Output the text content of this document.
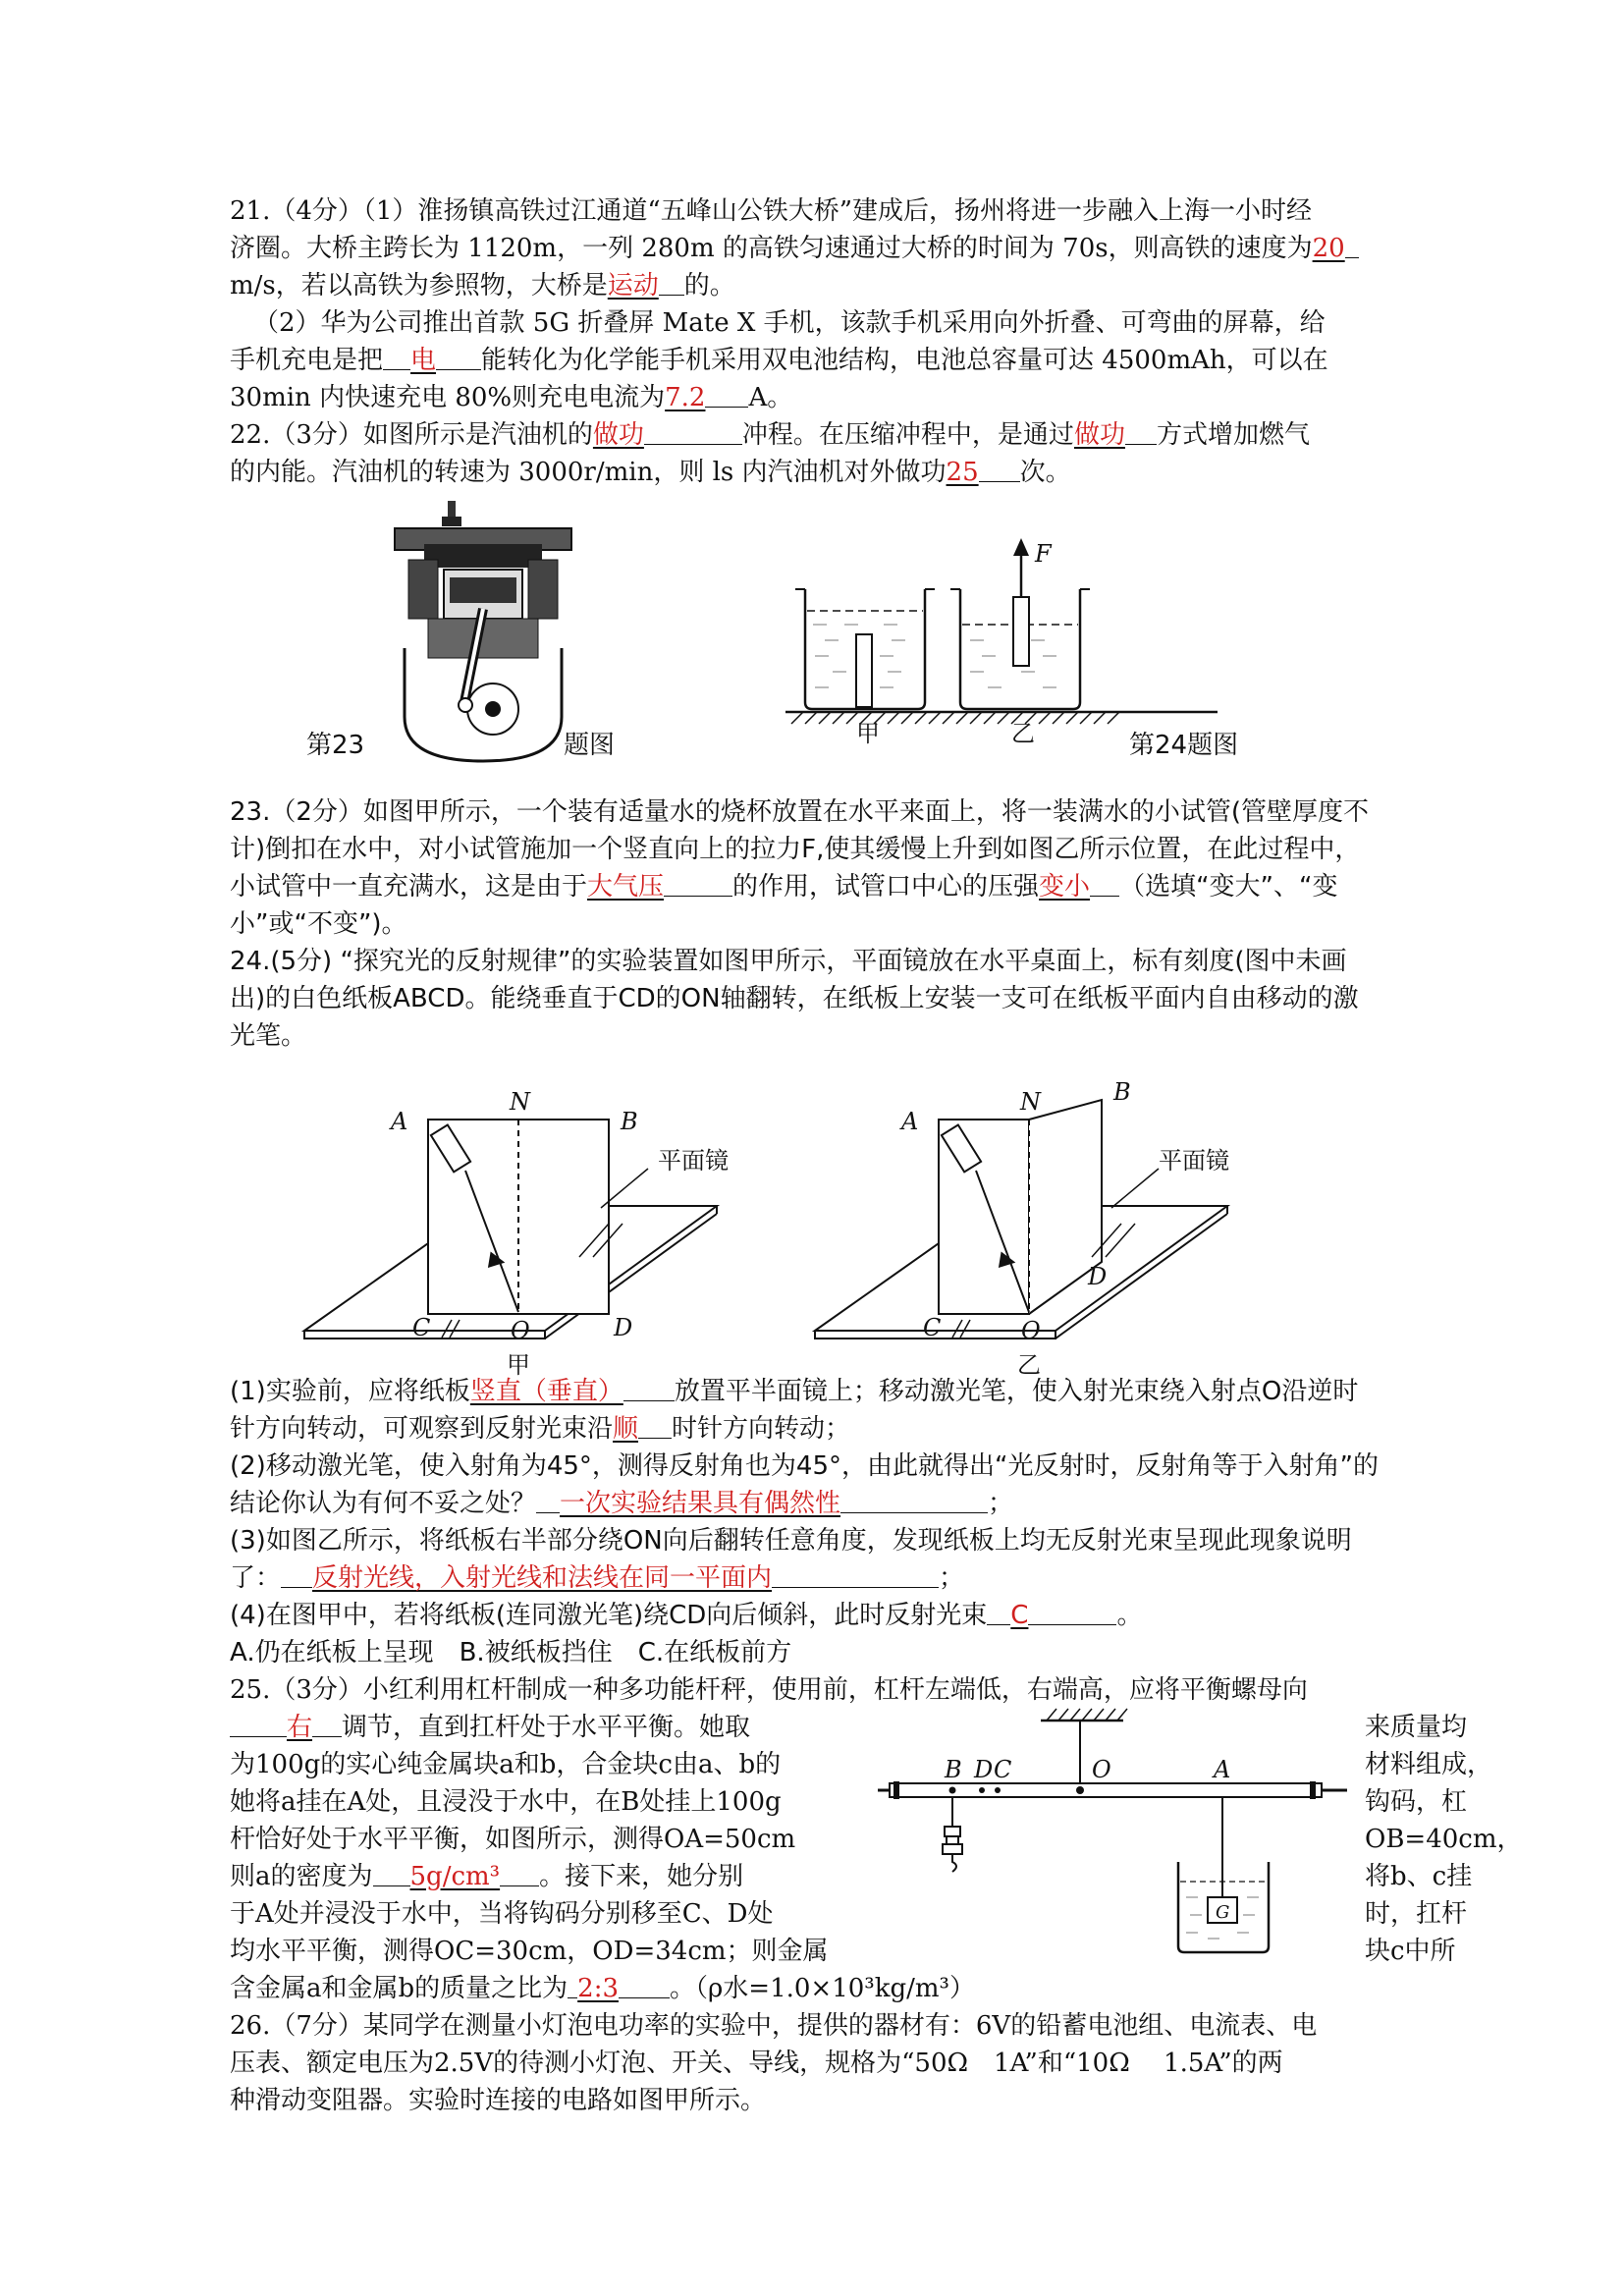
21.（4分）（1）淮扬镇高铁过江通道“五峰山公铁大桥”建成后，扬州将进一步融入上海一小时经
济圈。大桥主跨长为 1120m，一列 280m 的高铁匀速通过大桥的时间为 70s，则高铁的速度为20
m/s，若以高铁为参照物，大桥是运动 的。
（2）华为公司推出首款 5G 折叠屏 Mate X 手机，该款手机采用向外折叠、可弯曲的屏幕，给
手机充电是把 电 能转化为化学能手机采用双电池结构，电池总容量可达 4500mAh，可以在
30min 内快速充电 80%则充电电流为7.2 A。
22.（3分）如图所示是汽油机的做功	冲程。在压缩冲程中，是通过做功 方式增加燃气
的内能。汽油机的转速为 3000r/min，则 ls 内汽油机对外做功25 次。
第23	题图
F
甲	乙	第24题图
23.（2分）如图甲所示，一个装有适量水的烧杯放置在水平来面上，将一装满水的小试管(管壁厚度不
计)倒扣在水中，对小试管施加一个竖直向上的拉力F,使其缓慢上升到如图乙所示位置，在此过程中，
小试管中一直充满水，这是由于大气压	的作用，试管口中心的压强变小 （选填“变大”、“变
小”或“不变”)。
24.(5分) “探究光的反射规律”的实验装置如图甲所示，平面镜放在水平桌面上，标有刻度(图中未画
出)的白色纸板ABCD。能绕垂直于CD的ON轴翻转，在纸板上安装一支可在纸板平面内自由移动的激
光笔。
A
N
B
C	O	D
平面镜
甲
A
N	B
C	O
D
平面镜
乙
(1)实验前，应将纸板竖直（垂直） 放置平半面镜上；移动激光笔，使入射光束绕入射点O沿逆时
针方向转动，可观察到反射光束沿顺 时针方向转动；
(2)移动激光笔，使入射角为45°，测得反射角也为45°，由此就得出“光反射时，反射角等于入射角”的
结论你认为有何不妥之处？ 一次实验结果具有偶然性	；
(3)如图乙所示，将纸板右半部分绕ON向后翻转任意角度，发现纸板上均无反射光束呈现此现象说明
了： 反射光线，入射光线和法线在同一平面内	；
(4)在图甲中，若将纸板(连同激光笔)绕CD向后倾斜，此时反射光束 C	。
A.仍在纸板上呈现　B.被纸板挡住　C.在纸板前方
25.（3分）小红利用杠杆制成一种多功能杆秤，使用前，杠杆左端低，右端高，应将平衡螺母向
右 调节，直到扛杆处于水平平衡。她取	来质量均
为100g的实心纯金属块a和b，合金块c由a、b的	材料组成，
她将a挂在A处，且浸没于水中，在B处挂上100g	钩码，杠
杆恰好处于水平平衡，如图所示，测得OA=50cm	OB=40cm，
则a的密度为 5g/cm³ 。接下来，她分别	将b、c挂
于A处并浸没于水中，当将钩码分别移至C、D处	时，扛杆
均水平平衡，测得OC=30cm，OD=34cm；则金属	块c中所
含金属a和金属b的质量之比为 2:3 。（ρ水=1.0×10³kg/m³）
G
B D C	O	A
26.（7分）某同学在测量小灯泡电功率的实验中，提供的器材有：6V的铅蓄电池组、电流表、电
压表、额定电压为2.5V的待测小灯泡、开关、导线，规格为“50Ω　1A”和“10Ω　 1.5A”的两
种滑动变阻器。实验时连接的电路如图甲所示。
